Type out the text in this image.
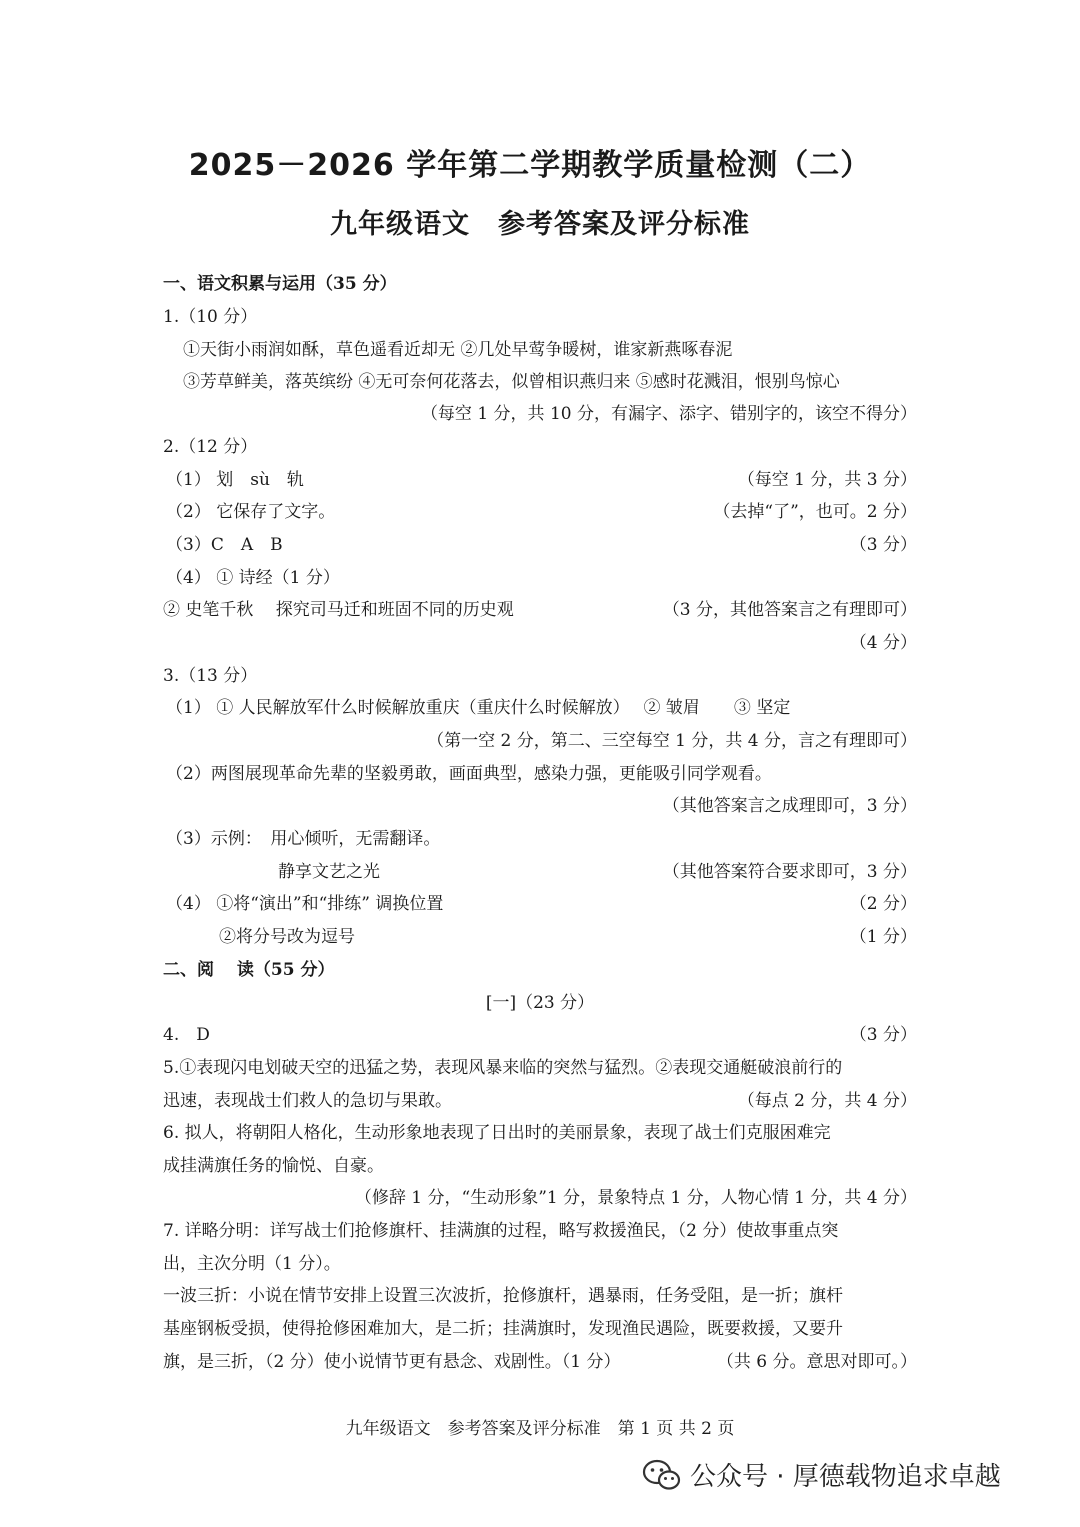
2025－2026 学年第二学期教学质量检测（二）
九年级语文　参考答案及评分标准
一、语文积累与运用（35 分）
1.（10 分）
①天街小雨润如酥，草色遥看近却无 ②几处早莺争暖树，谁家新燕啄春泥
③芳草鲜美，落英缤纷 ④无可奈何花落去，似曾相识燕归来 ⑤感时花溅泪，恨别鸟惊心
（每空 1 分，共 10 分，有漏字、添字、错别字的，该空不得分）
2.（12 分）
（1） 划　sù　轨	（每空 1 分，共 3 分）
（2） 它保存了文字。	（去掉“了”，也可。2 分）
（3）C　A　B	（3 分）
（4） ① 诗经（1 分）
② 史笔千秋　 探究司马迁和班固不同的历史观	（3 分，其他答案言之有理即可）
（4 分）
3.（13 分）
（1） ① 人民解放军什么时候解放重庆（重庆什么时候解放）　 ② 皱眉　　③ 坚定
（第一空 2 分，第二、三空每空 1 分，共 4 分，言之有理即可）
（2）两图展现革命先辈的坚毅勇敢，画面典型，感染力强，更能吸引同学观看。
（其他答案言之成理即可，3 分）
（3）示例：　用心倾听，无需翻译。
静享文艺之光	（其他答案符合要求即可，3 分）
（4） ①将“演出”和“排练” 调换位置	（2 分）
②将分号改为逗号	（1 分）
二、阅　 读（55 分）
[一]（23 分）
4.　D	（3 分）
5.①表现闪电划破天空的迅猛之势，表现风暴来临的突然与猛烈。②表现交通艇破浪前行的
迅速，表现战士们救人的急切与果敢。	（每点 2 分，共 4 分）
6. 拟人，将朝阳人格化，生动形象地表现了日出时的美丽景象，表现了战士们克服困难完
成挂满旗任务的愉悦、自豪。
（修辞 1 分，“生动形象”1 分，景象特点 1 分，人物心情 1 分，共 4 分）
7. 详略分明：详写战士们抢修旗杆、挂满旗的过程，略写救援渔民，（2 分）使故事重点突
出，主次分明（1 分）。
一波三折：小说在情节安排上设置三次波折，抢修旗杆，遇暴雨，任务受阻，是一折；旗杆
基座钢板受损，使得抢修困难加大，是二折；挂满旗时，发现渔民遇险，既要救援，又要升
旗，是三折，（2 分）使小说情节更有悬念、戏剧性。（1 分）	（共 6 分。意思对即可。）
九年级语文　参考答案及评分标准　第 1 页 共 2 页
公众号 · 厚德载物追求卓越
